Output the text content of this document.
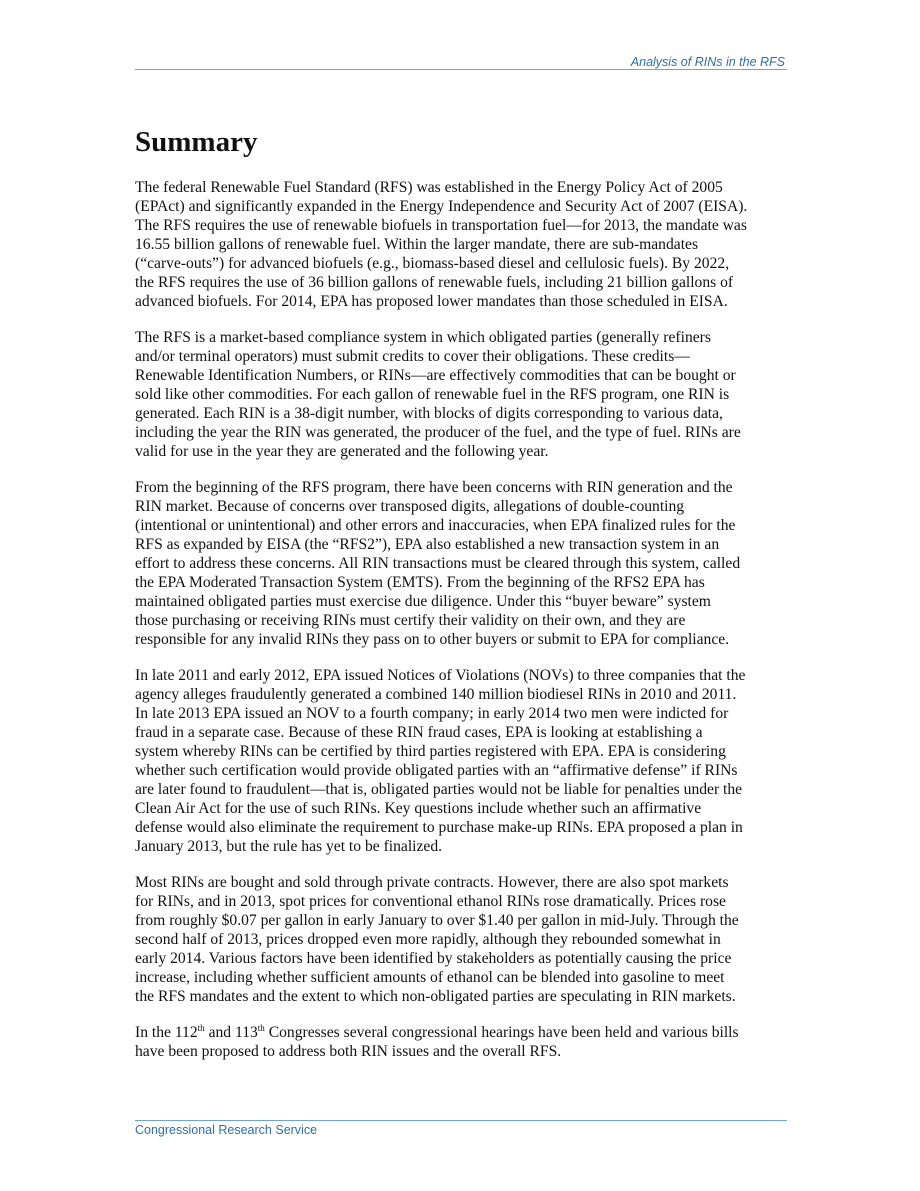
Analysis of RINs in the RFS
Summary

The federal Renewable Fuel Standard (RFS) was established in the Energy Policy Act of 2005
(EPAct) and significantly expanded in the Energy Independence and Security Act of 2007 (EISA).
The RFS requires the use of renewable biofuels in transportation fuel—for 2013, the mandate was
16.55 billion gallons of renewable fuel. Within the larger mandate, there are sub-mandates
(“carve-outs”) for advanced biofuels (e.g., biomass-based diesel and cellulosic fuels). By 2022,
the RFS requires the use of 36 billion gallons of renewable fuels, including 21 billion gallons of
advanced biofuels. For 2014, EPA has proposed lower mandates than those scheduled in EISA.

The RFS is a market-based compliance system in which obligated parties (generally refiners
and/or terminal operators) must submit credits to cover their obligations. These credits—
Renewable Identification Numbers, or RINs—are effectively commodities that can be bought or
sold like other commodities. For each gallon of renewable fuel in the RFS program, one RIN is
generated. Each RIN is a 38-digit number, with blocks of digits corresponding to various data,
including the year the RIN was generated, the producer of the fuel, and the type of fuel. RINs are
valid for use in the year they are generated and the following year.

From the beginning of the RFS program, there have been concerns with RIN generation and the
RIN market. Because of concerns over transposed digits, allegations of double-counting
(intentional or unintentional) and other errors and inaccuracies, when EPA finalized rules for the
RFS as expanded by EISA (the “RFS2”), EPA also established a new transaction system in an
effort to address these concerns. All RIN transactions must be cleared through this system, called
the EPA Moderated Transaction System (EMTS). From the beginning of the RFS2 EPA has
maintained obligated parties must exercise due diligence. Under this “buyer beware” system
those purchasing or receiving RINs must certify their validity on their own, and they are
responsible for any invalid RINs they pass on to other buyers or submit to EPA for compliance.

In late 2011 and early 2012, EPA issued Notices of Violations (NOVs) to three companies that the
agency alleges fraudulently generated a combined 140 million biodiesel RINs in 2010 and 2011.
In late 2013 EPA issued an NOV to a fourth company; in early 2014 two men were indicted for
fraud in a separate case. Because of these RIN fraud cases, EPA is looking at establishing a
system whereby RINs can be certified by third parties registered with EPA. EPA is considering
whether such certification would provide obligated parties with an “affirmative defense” if RINs
are later found to fraudulent—that is, obligated parties would not be liable for penalties under the
Clean Air Act for the use of such RINs. Key questions include whether such an affirmative
defense would also eliminate the requirement to purchase make-up RINs. EPA proposed a plan in
January 2013, but the rule has yet to be finalized.

Most RINs are bought and sold through private contracts. However, there are also spot markets
for RINs, and in 2013, spot prices for conventional ethanol RINs rose dramatically. Prices rose
from roughly $0.07 per gallon in early January to over $1.40 per gallon in mid-July. Through the
second half of 2013, prices dropped even more rapidly, although they rebounded somewhat in
early 2014. Various factors have been identified by stakeholders as potentially causing the price
increase, including whether sufficient amounts of ethanol can be blended into gasoline to meet
the RFS mandates and the extent to which non-obligated parties are speculating in RIN markets.

In the 112th and 113th Congresses several congressional hearings have been held and various bills
have been proposed to address both RIN issues and the overall RFS.

Congressional Research Service
